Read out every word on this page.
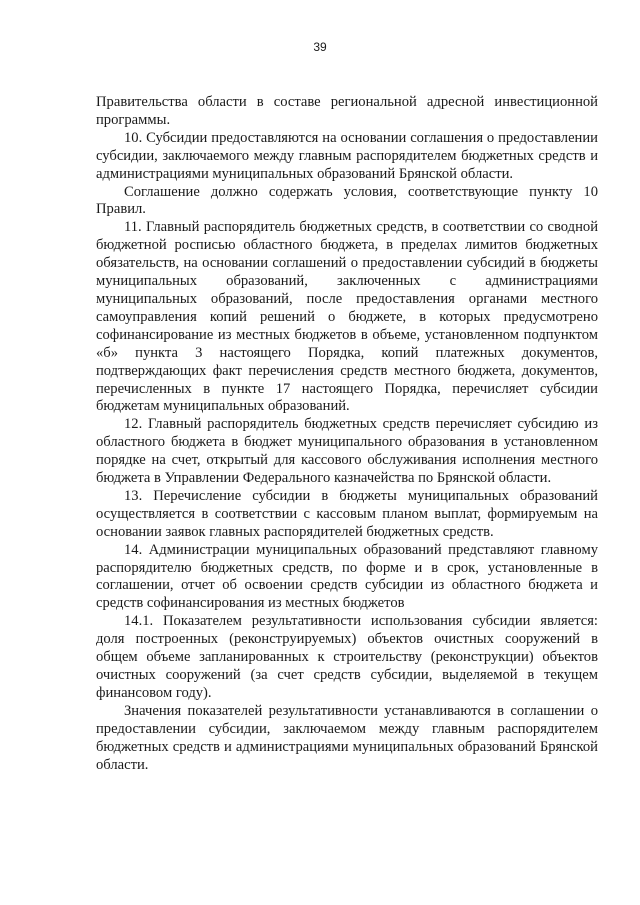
39

Правительства области в составе региональной адресной инвестиционной программы.

10. Субсидии предоставляются на основании соглашения о предоставлении субсидии, заключаемого между главным распорядителем бюджетных средств и администрациями муниципальных образований Брянской области.

Соглашение должно содержать условия, соответствующие пункту 10 Правил.

11. Главный распорядитель бюджетных средств, в соответствии со сводной бюджетной росписью областного бюджета, в пределах лимитов бюджетных обязательств, на основании соглашений о предоставлении субсидий в бюджеты муниципальных образований, заключенных с администрациями муниципальных образований, после предоставления органами местного самоуправления копий решений о бюджете, в которых предусмотрено софинансирование из местных бюджетов в объеме, установленном подпунктом «б» пункта 3 настоящего Порядка, копий платежных документов, подтверждающих факт перечисления средств местного бюджета, документов, перечисленных в пункте 17 настоящего Порядка, перечисляет субсидии бюджетам муниципальных образований.

12. Главный распорядитель бюджетных средств перечисляет субсидию из областного бюджета в бюджет муниципального образования в установленном порядке на счет, открытый для кассового обслуживания исполнения местного бюджета в Управлении Федерального казначейства по Брянской области.

13. Перечисление субсидии в бюджеты муниципальных образований осуществляется в соответствии с кассовым планом выплат, формируемым на основании заявок главных распорядителей бюджетных средств.

14. Администрации муниципальных образований представляют главному распорядителю бюджетных средств, по форме и в срок, установленные в соглашении, отчет об освоении средств субсидии из областного бюджета и средств софинансирования из местных бюджетов

14.1. Показателем результативности использования субсидии является: доля построенных (реконструируемых) объектов очистных сооружений в общем объеме запланированных к строительству (реконструкции) объектов очистных сооружений (за счет средств субсидии, выделяемой в текущем финансовом году).

Значения показателей результативности устанавливаются в соглашении о предоставлении субсидии, заключаемом между главным распорядителем бюджетных средств и администрациями муниципальных образований Брянской области.
